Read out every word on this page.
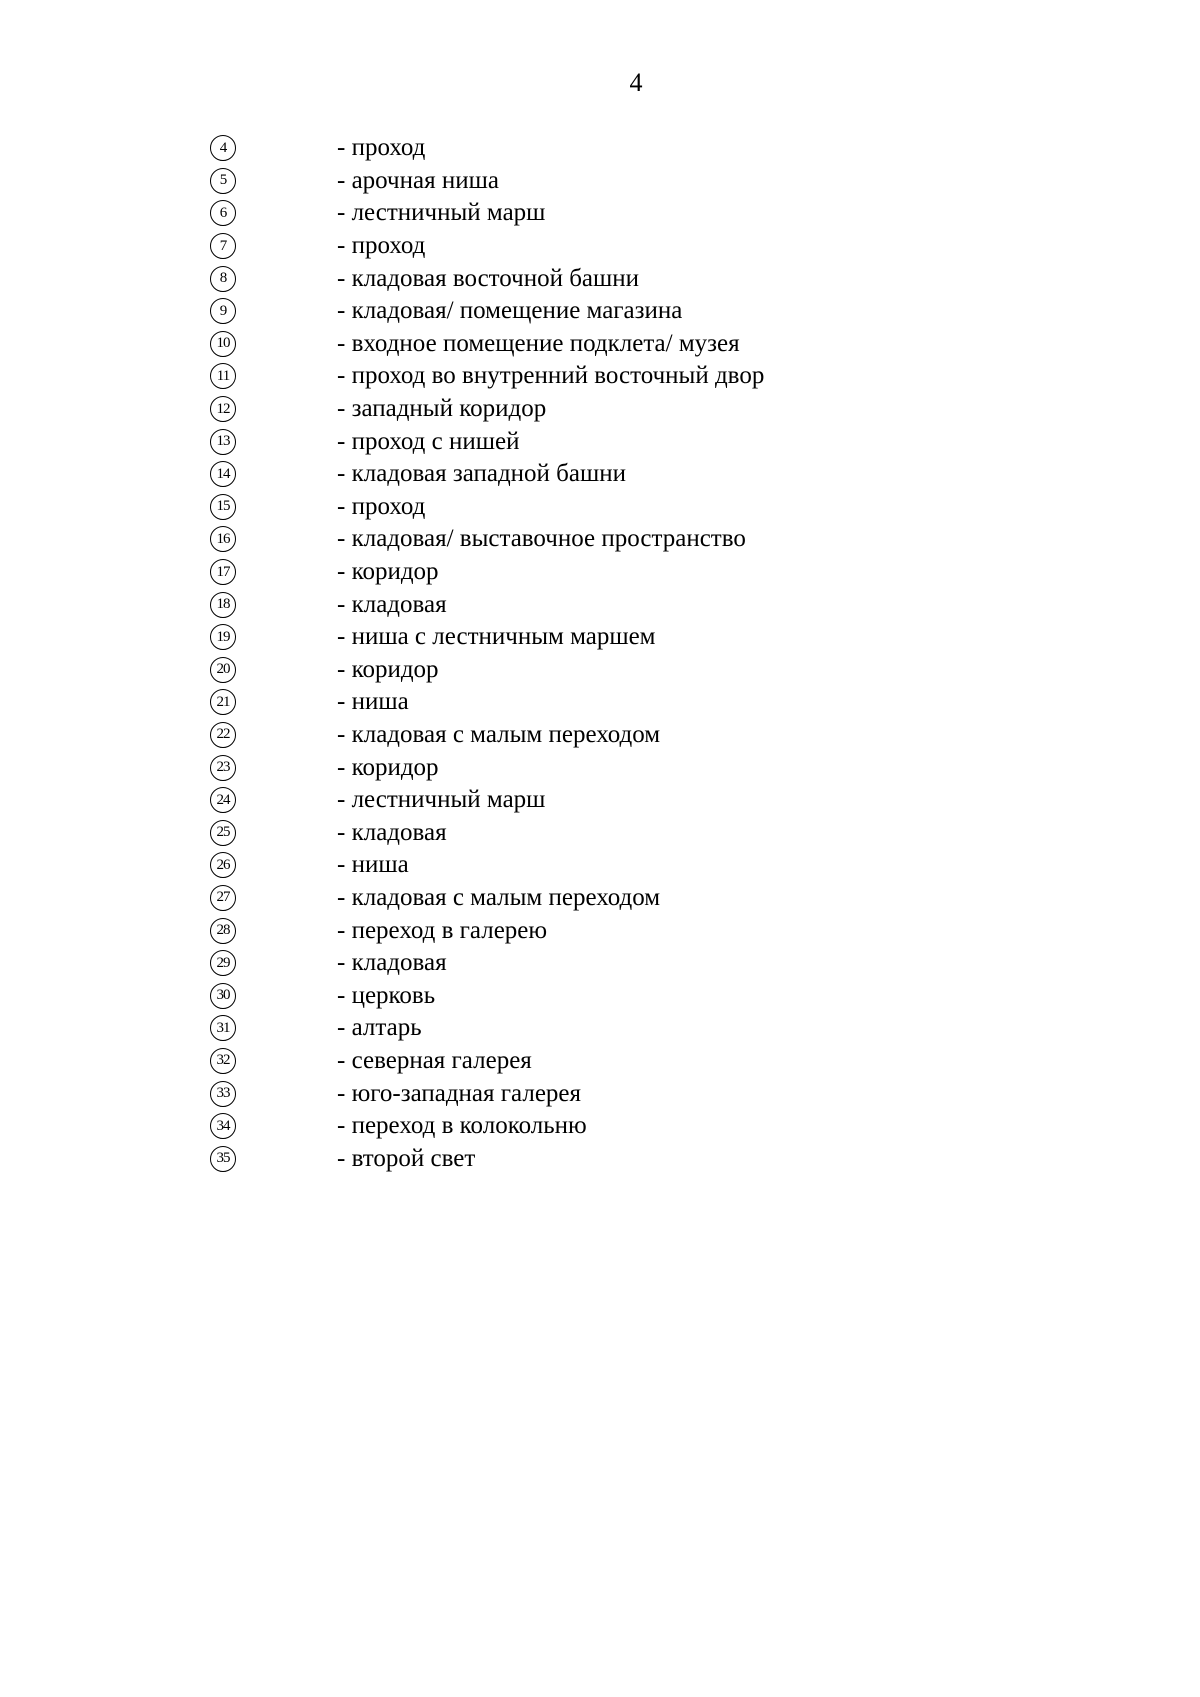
4
4	- проход
5	- арочная ниша
6	- лестничный марш
7	- проход
8	- кладовая восточной башни
9	- кладовая/ помещение магазина
10	- входное помещение подклета/ музея
11	- проход во внутренний восточный двор
12	- западный коридор
13	- проход с нишей
14	- кладовая западной башни
15	- проход
16	- кладовая/ выставочное пространство
17	- коридор
18	- кладовая
19	- ниша с лестничным маршем
20	- коридор
21	- ниша
22	- кладовая с малым переходом
23	- коридор
24	- лестничный марш
25	- кладовая
26	- ниша
27	- кладовая с малым переходом
28	- переход в галерею
29	- кладовая
30	- церковь
31	- алтарь
32	- северная галерея
33	- юго-западная галерея
34	- переход в колокольню
35	- второй свет
